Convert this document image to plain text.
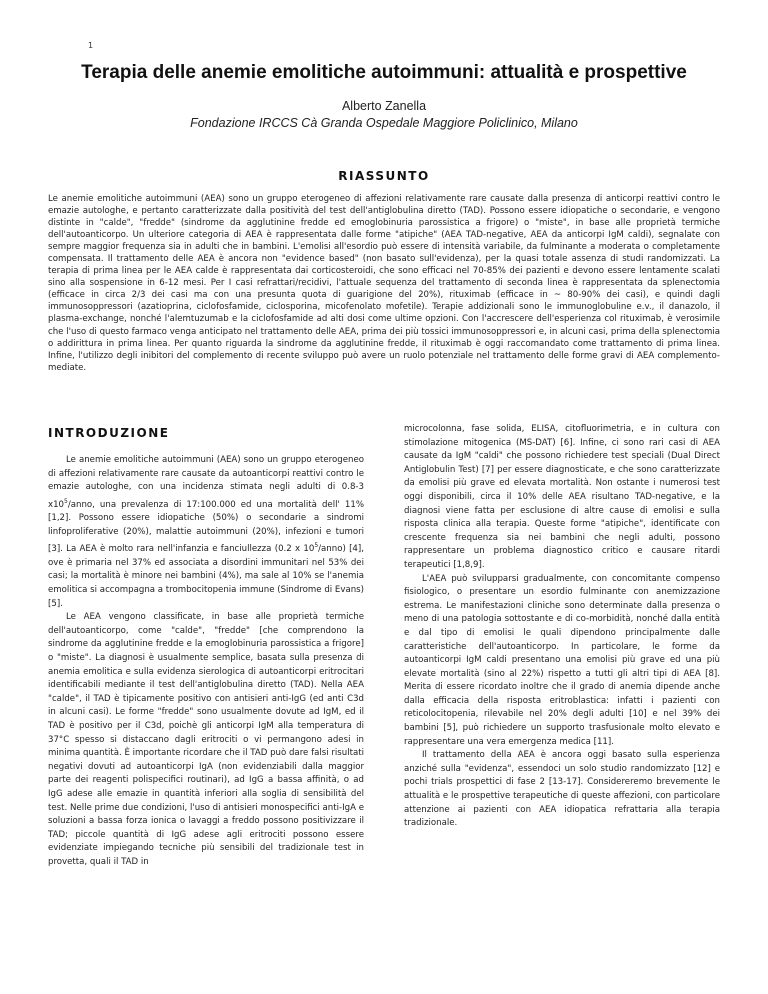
1
Terapia delle anemie emolitiche autoimmuni: attualità e prospettive

Alberto Zanella

Fondazione IRCCS Cà Granda Ospedale Maggiore Policlinico, Milano

RIASSUNTO

Le anemie emolitiche autoimmuni (AEA) sono un gruppo eterogeneo di affezioni relativamente rare causate dalla presenza di anticorpi reattivi contro le emazie autologhe, e pertanto caratterizzate dalla positività del test dell'antiglobulina diretto (TAD). Possono essere idiopatiche o secondarie, e vengono distinte in "calde", "fredde" (sindrome da agglutinine fredde ed emoglobinuria parossistica a frigore) o "miste", in base alle proprietà termiche dell'autoanticorpo. Un ulteriore categoria di AEA è rappresentata dalle forme "atipiche" (AEA TAD-negative, AEA da anticorpi IgM caldi), segnalate con sempre maggior frequenza sia in adulti che in bambini. L'emolisi all'esordio può essere di intensità variabile, da fulminante a moderata o completamente compensata. Il trattamento delle AEA è ancora non "evidence based" (non basato sull'evidenza), per la quasi totale assenza di studi randomizzati. La terapia di prima linea per le AEA calde è rappresentata dai corticosteroidi, che sono efficaci nel 70-85% dei pazienti e devono essere lentamente scalati sino alla sospensione in 6-12 mesi. Per I casi refrattari/recidivi, l'attuale sequenza del trattamento di seconda linea è rappresentata da splenectomia (efficace in circa 2/3 dei casi ma con una presunta quota di guarigione del 20%), rituximab (efficace in ~ 80-90% dei casi), e quindi dagli immunosoppressori (azatioprina, ciclofosfamide, ciclosporina, micofenolato mofetile). Terapie addizionali sono le immunoglobuline e.v., il danazolo, il plasma-exchange, nonché l'alemtuzumab e la ciclofosfamide ad alti dosi come ultime opzioni. Con l'accrescere dell'esperienza col rituximab, è verosimile che l'uso di questo farmaco venga anticipato nel trattamento delle AEA, prima dei più tossici immunosoppressori e, in alcuni casi, prima della splenectomia o addirittura in prima linea. Per quanto riguarda la sindrome da agglutinine fredde, il rituximab è oggi raccomandato come trattamento di prima linea. Infine, l'utilizzo degli inibitori del complemento di recente sviluppo può avere un ruolo potenziale nel trattamento delle forme gravi di AEA complemento-mediate.

INTRODUZIONE

Le anemie emolitiche autoimmuni (AEA) sono un gruppo eterogeneo di affezioni relativamente rare causate da autoanticorpi reattivi contro le emazie autologhe, con una incidenza stimata negli adulti di 0.8-3 $x10^5$/anno, una prevalenza di 17:100.000 ed una mortalità dell' 11% [1,2]. Possono essere idiopatiche (50%) o secondarie a sindromi linfoproliferative (20%), malattie autoimmuni (20%), infezioni e tumori [3]. La AEA è molto rara nell'infanzia e fanciullezza (0.2 x $10^5/anno$) [4], ove è primaria nel 37% ed associata a disordini immunitari nel 53% dei casi; la mortalità è minore nei bambini (4%), ma sale al 10% se l'anemia emolitica si accompagna a trombocitopenia immune (Sindrome di Evans) [5].

Le AEA vengono classificate, in base alle proprietà termiche dell'autoanticorpo, come "calde", "fredde" [che comprendono la sindrome da agglutinine fredde e la emoglobinuria parossistica a frigore] o "miste". La diagnosi è usualmente semplice, basata sulla presenza di anemia emolitica e sulla evidenza sierologica di autoanticorpi eritrocitari identificabili mediante il test dell'antiglobulina diretto (TAD). Nella AEA "calde", il TAD è tipicamente positivo con antisieri anti-IgG (ed anti C3d in alcuni casi). Le forme "fredde" sono usualmente dovute ad IgM, ed il TAD è positivo per il C3d, poichè gli anticorpi IgM alla temperatura di 37°C spesso si distaccano dagli eritrociti o vi permangono adesi in minima quantità. È importante ricordare che il TAD può dare falsi risultati negativi dovuti ad autoanticorpi IgA (non evidenziabili dalla maggior parte dei reagenti polispecifici routinari), ad IgG a bassa affinità, o ad IgG adese alle emazie in quantità inferiori alla soglia di sensibilità del test. Nelle prime due condizioni, l'uso di antisieri monospecifici anti-IgA e soluzioni a bassa forza ionica o lavaggi a freddo possono positivizzare il TAD; piccole quantità di IgG adese agli eritrociti possono essere evidenziate impiegando tecniche più sensibili del tradizionale test in provetta, quali il TAD in

microcolonna, fase solida, ELISA, citofluorimetria, e in cultura con stimolazione mitogenica (MS-DAT) [6]. Infine, ci sono rari casi di AEA causate da IgM "caldi" che possono richiedere test speciali (Dual Direct Antiglobulin Test) [7] per essere diagnosticate, e che sono caratterizzate da emolisi più grave ed elevata mortalità. Non ostante i numerosi test oggi disponibili, circa il 10% delle AEA risultano TAD-negative, e la diagnosi viene fatta per esclusione di altre cause di emolisi e sulla risposta clinica alla terapia. Queste forme "atipiche", identificate con crescente frequenza sia nei bambini che negli adulti, possono rappresentare un problema diagnostico critico e causare ritardi terapeutici [1,8,9].

L'AEA può svilupparsi gradualmente, con concomitante compenso fisiologico, o presentare un esordio fulminante con anemizzazione estrema. Le manifestazioni cliniche sono determinate dalla presenza o meno di una patologia sottostante e di co-morbidità, nonché dalla entità e dal tipo di emolisi le quali dipendono principalmente dalle caratteristiche dell'autoanticorpo. In particolare, le forme da autoanticorpi IgM caldi presentano una emolisi più grave ed una più elevate mortalità (sino al 22%) rispetto a tutti gli altri tipi di AEA [8]. Merita di essere ricordato inoltre che il grado di anemia dipende anche dalla efficacia della risposta eritroblastica: infatti i pazienti con reticolocitopenia, rilevabile nel 20% degli adulti [10] e nel 39% dei bambini [5], può richiedere un supporto trasfusionale molto elevato e rappresentare una vera emergenza medica [11].

Il trattamento della AEA è ancora oggi basato sulla esperienza anziché sulla "evidenza", essendoci un solo studio randomizzato [12] e pochi trials prospettici di fase 2 [13-17]. Considereremo brevemente le attualità e le prospettive terapeutiche di queste affezioni, con particolare attenzione ai pazienti con AEA idiopatica refrattaria alla terapia tradizionale.
